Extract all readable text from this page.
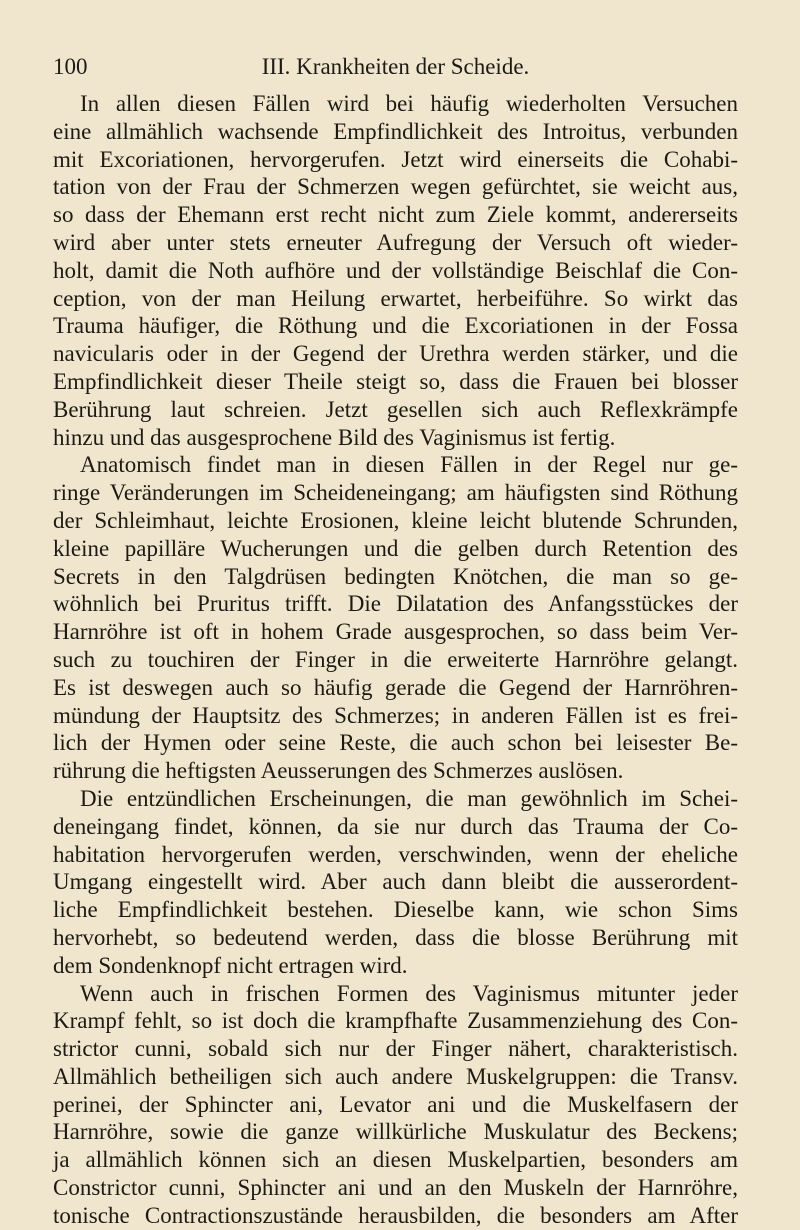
100	III. Krankheiten der Scheide.
In allen diesen Fällen wird bei häufig wiederholten Versuchen
eine allmählich wachsende Empfindlichkeit des Introitus, verbunden
mit Excoriationen, hervorgerufen. Jetzt wird einerseits die Cohabi-
tation von der Frau der Schmerzen wegen gefürchtet, sie weicht aus,
so dass der Ehemann erst recht nicht zum Ziele kommt, andererseits
wird aber unter stets erneuter Aufregung der Versuch oft wieder-
holt, damit die Noth aufhöre und der vollständige Beischlaf die Con-
ception, von der man Heilung erwartet, herbeiführe. So wirkt das
Trauma häufiger, die Röthung und die Excoriationen in der Fossa
navicularis oder in der Gegend der Urethra werden stärker, und die
Empfindlichkeit dieser Theile steigt so, dass die Frauen bei blosser
Berührung laut schreien. Jetzt gesellen sich auch Reflexkrämpfe
hinzu und das ausgesprochene Bild des Vaginismus ist fertig.
Anatomisch findet man in diesen Fällen in der Regel nur ge-
ringe Veränderungen im Scheideneingang; am häufigsten sind Röthung
der Schleimhaut, leichte Erosionen, kleine leicht blutende Schrunden,
kleine papilläre Wucherungen und die gelben durch Retention des
Secrets in den Talgdrüsen bedingten Knötchen, die man so ge-
wöhnlich bei Pruritus trifft. Die Dilatation des Anfangsstückes der
Harnröhre ist oft in hohem Grade ausgesprochen, so dass beim Ver-
such zu touchiren der Finger in die erweiterte Harnröhre gelangt.
Es ist deswegen auch so häufig gerade die Gegend der Harnröhren-
mündung der Hauptsitz des Schmerzes; in anderen Fällen ist es frei-
lich der Hymen oder seine Reste, die auch schon bei leisester Be-
rührung die heftigsten Aeusserungen des Schmerzes auslösen.
Die entzündlichen Erscheinungen, die man gewöhnlich im Schei-
deneingang findet, können, da sie nur durch das Trauma der Co-
habitation hervorgerufen werden, verschwinden, wenn der eheliche
Umgang eingestellt wird. Aber auch dann bleibt die ausserordent-
liche Empfindlichkeit bestehen. Dieselbe kann, wie schon Sims
hervorhebt, so bedeutend werden, dass die blosse Berührung mit
dem Sondenknopf nicht ertragen wird.
Wenn auch in frischen Formen des Vaginismus mitunter jeder
Krampf fehlt, so ist doch die krampfhafte Zusammenziehung des Con-
strictor cunni, sobald sich nur der Finger nähert, charakteristisch.
Allmählich betheiligen sich auch andere Muskelgruppen: die Transv.
perinei, der Sphincter ani, Levator ani und die Muskelfasern der
Harnröhre, sowie die ganze willkürliche Muskulatur des Beckens;
ja allmählich können sich an diesen Muskelpartien, besonders am
Constrictor cunni, Sphincter ani und an den Muskeln der Harnröhre,
tonische Contractionszustände herausbilden, die besonders am After
